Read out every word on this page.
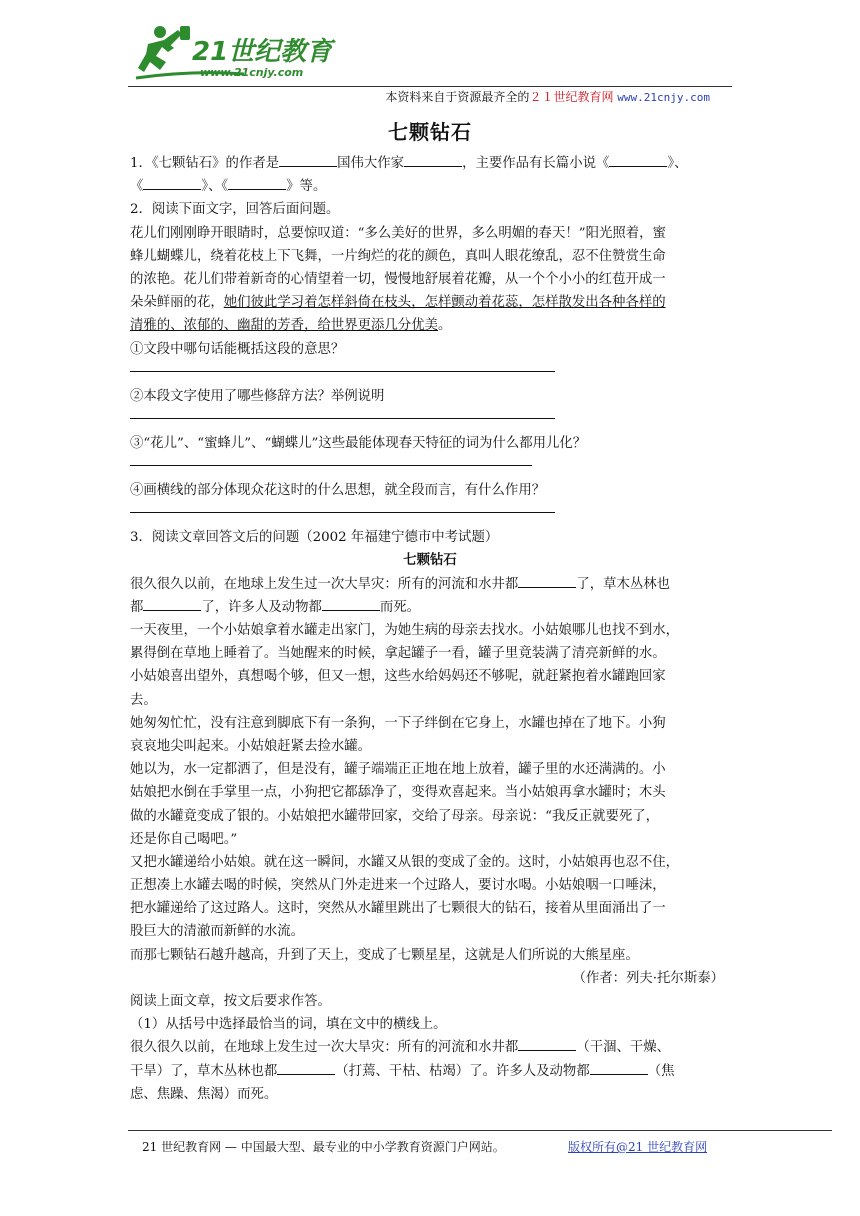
21世纪教育
www.21cnjy.com
本资料来自于资源最齐全的２１世纪教育网 www.21cnjy.com
七颗钻石
1．《七颗钻石》的作者是	国伟大作家	，主要作品有长篇小说《	》、
《	》、《	》等。
2．阅读下面文字，回答后面问题。
花儿们刚刚睁开眼睛时，总要惊叹道：“多么美好的世界，多么明媚的春天！”阳光照着，蜜
蜂儿蝴蝶儿，绕着花枝上下飞舞，一片绚烂的花的颜色，真叫人眼花缭乱，忍不住赞赏生命
的浓艳。花儿们带着新奇的心情望着一切，慢慢地舒展着花瓣，从一个个小小的红苞开成一
朵朵鲜丽的花，她们彼此学习着怎样斜倚在枝头，怎样颤动着花蕊，怎样散发出各种各样的
清雅的、浓郁的、幽甜的芳香，给世界更添几分优美。
①文段中哪句话能概括这段的意思？
②本段文字使用了哪些修辞方法？举例说明
③“花儿”、“蜜蜂儿”、“蝴蝶儿”这些最能体现春天特征的词为什么都用儿化？
④画横线的部分体现众花这时的什么思想，就全段而言，有什么作用？
3．阅读文章回答文后的问题（2002 年福建宁德市中考试题）
七颗钻石
很久很久以前，在地球上发生过一次大旱灾：所有的河流和水井都	了，草木丛林也
都	了，许多人及动物都	而死。
一天夜里，一个小姑娘拿着水罐走出家门，为她生病的母亲去找水。小姑娘哪儿也找不到水，
累得倒在草地上睡着了。当她醒来的时候，拿起罐子一看，罐子里竟装满了清亮新鲜的水。
小姑娘喜出望外，真想喝个够，但又一想，这些水给妈妈还不够呢，就赶紧抱着水罐跑回家
去。
她匆匆忙忙，没有注意到脚底下有一条狗，一下子绊倒在它身上，水罐也掉在了地下。小狗
哀哀地尖叫起来。小姑娘赶紧去捡水罐。
她以为，水一定都洒了，但是没有，罐子端端正正地在地上放着，罐子里的水还满满的。小
姑娘把水倒在手掌里一点，小狗把它都舔净了，变得欢喜起来。当小姑娘再拿水罐时；木头
做的水罐竟变成了银的。小姑娘把水罐带回家，交给了母亲。母亲说：“我反正就要死了，
还是你自己喝吧。”
又把水罐递给小姑娘。就在这一瞬间，水罐又从银的变成了金的。这时，小姑娘再也忍不住，
正想凑上水罐去喝的时候，突然从门外走进来一个过路人，要讨水喝。小姑娘咽一口唾沫，
把水罐递给了这过路人。这时，突然从水罐里跳出了七颗很大的钻石，接着从里面涌出了一
股巨大的清澈而新鲜的水流。
而那七颗钻石越升越高，升到了天上，变成了七颗星星，这就是人们所说的大熊星座。
（作者：列夫·托尔斯泰）
阅读上面文章，按文后要求作答。
（1）从括号中选择最恰当的词，填在文中的横线上。
很久很久以前，在地球上发生过一次大旱灾：所有的河流和水井都	（干涸、干燥、
干旱）了，草木丛林也都	（打蔫、干枯、枯竭）了。许多人及动物都	（焦
虑、焦躁、焦渴）而死。
21 世纪教育网 — 中国最大型、最专业的中小学教育资源门户网站。	版权所有@21 世纪教育网
